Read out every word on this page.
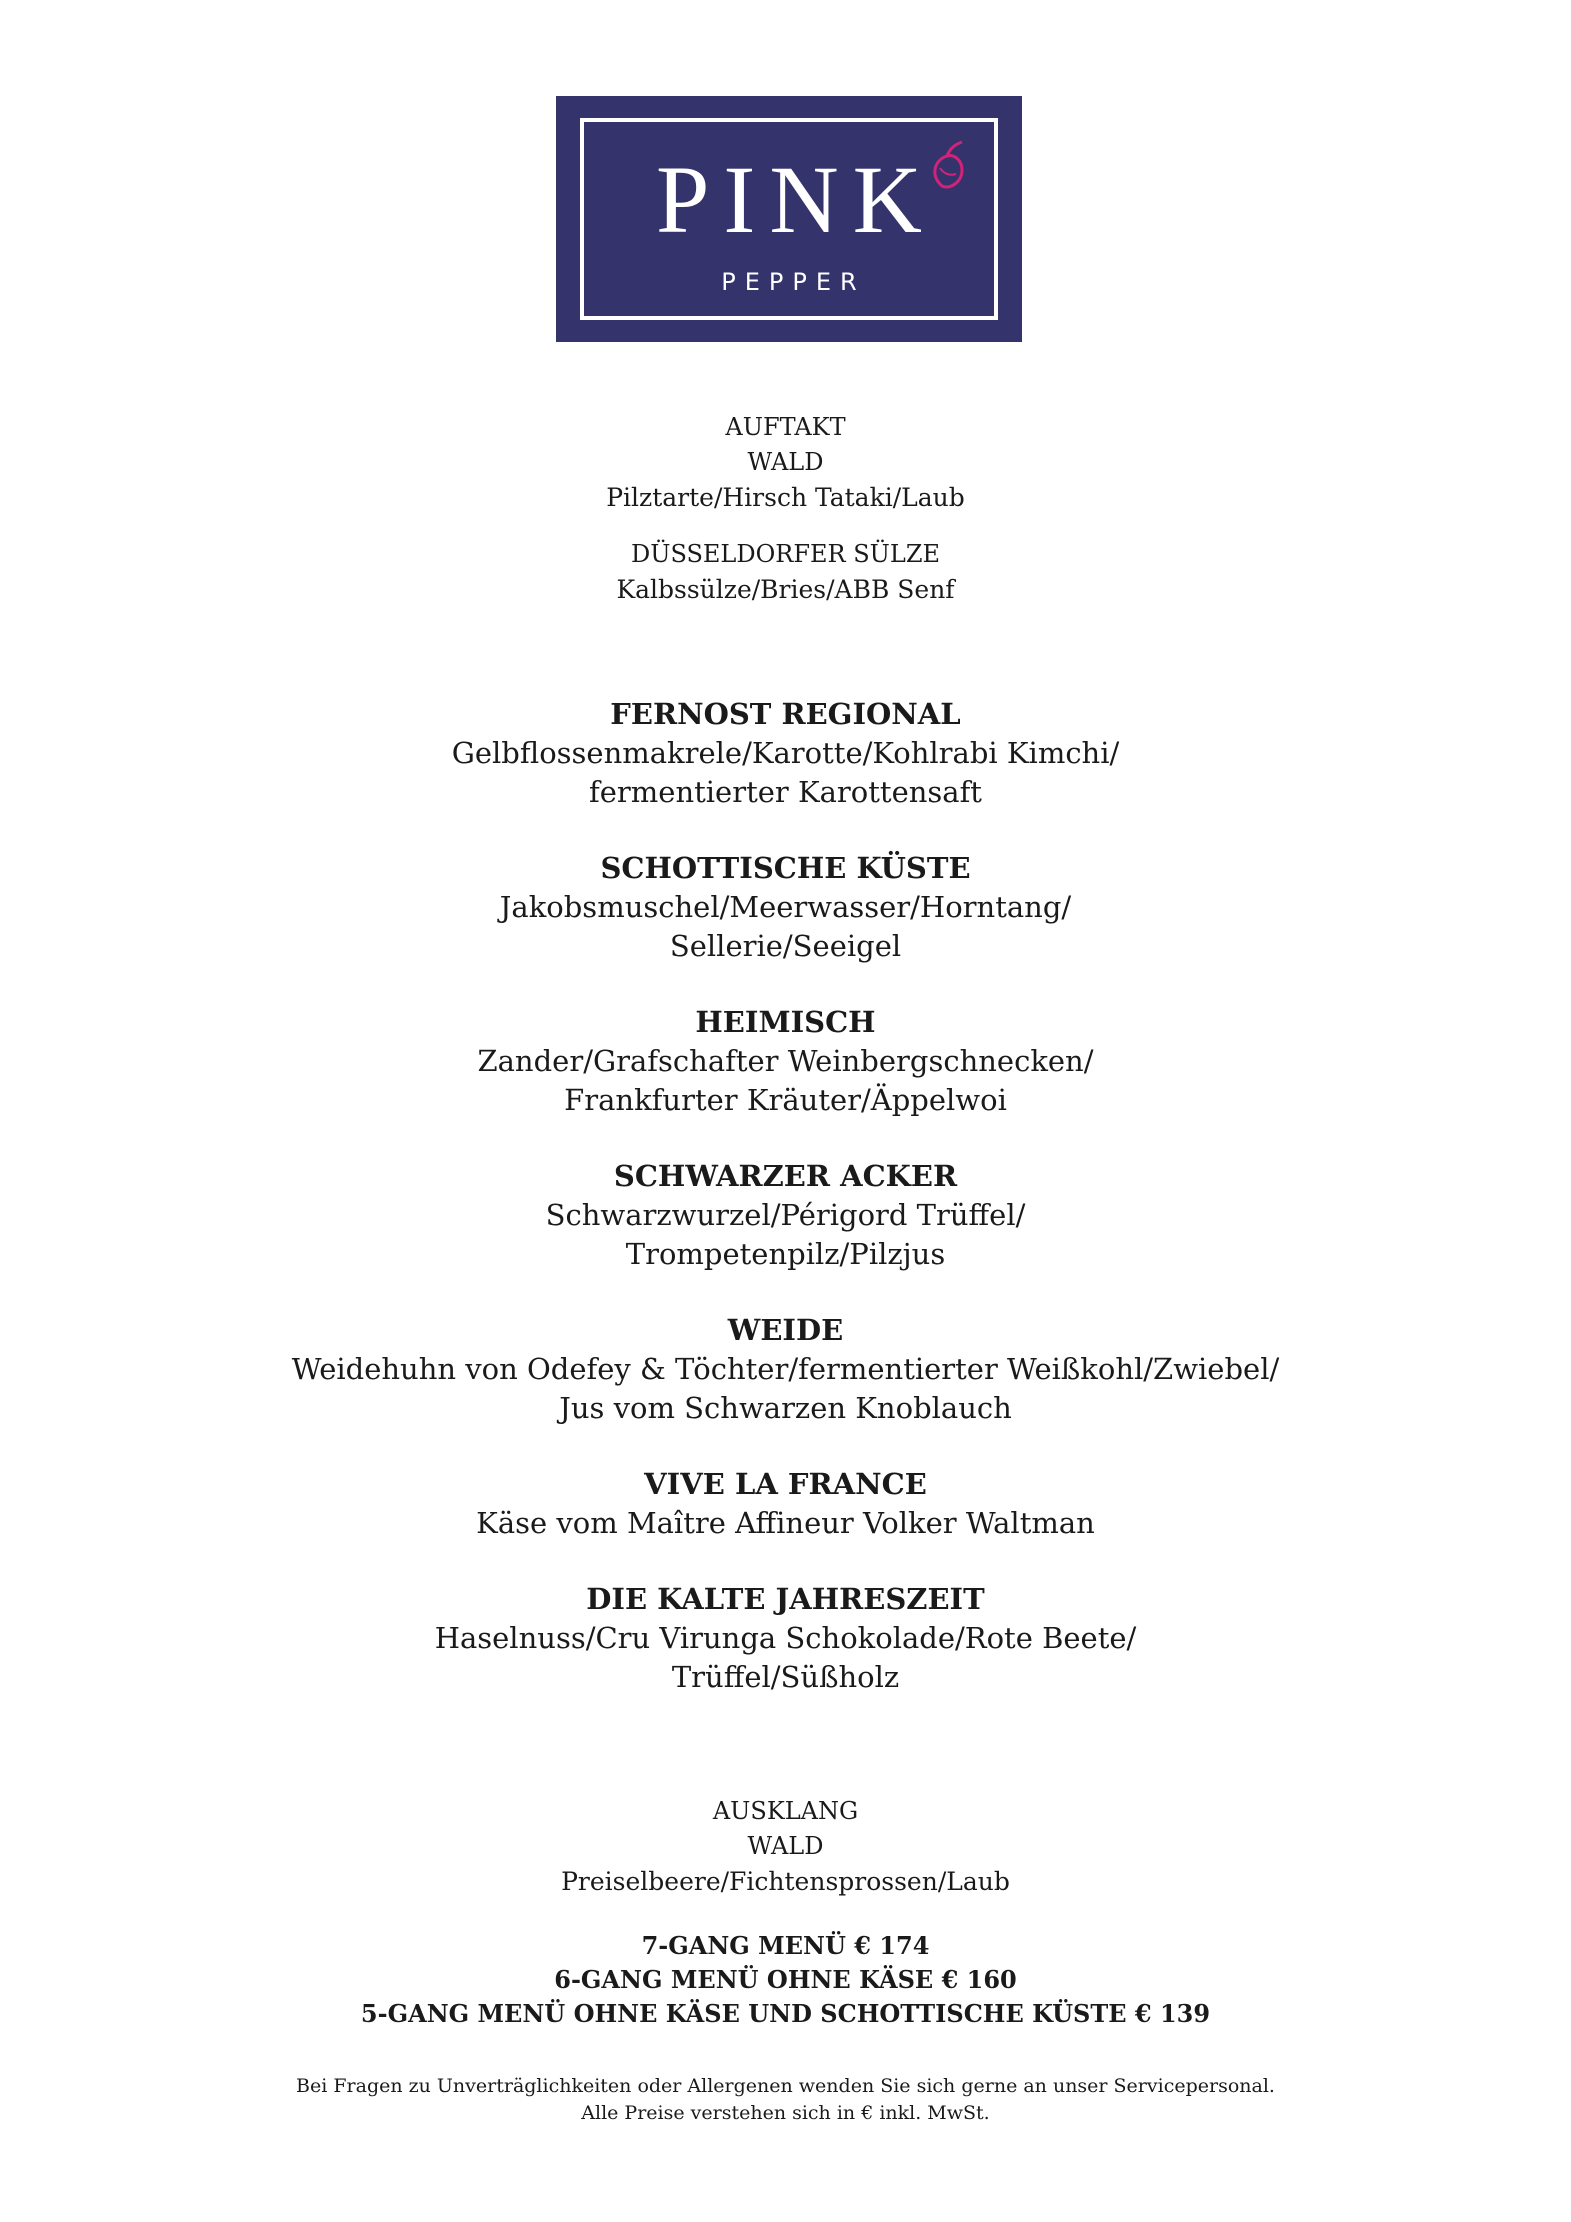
PINK
PEPPER
AUFTAKT
WALD
Pilztarte/Hirsch Tataki/Laub
DÜSSELDORFER SÜLZE
Kalbssülze/Bries/ABB Senf
FERNOST REGIONAL
Gelbflossenmakrele/Karotte/Kohlrabi Kimchi/
fermentierter Karottensaft
SCHOTTISCHE KÜSTE
Jakobsmuschel/Meerwasser/Horntang/
Sellerie/Seeigel
HEIMISCH
Zander/Grafschafter Weinbergschnecken/
Frankfurter Kräuter/Äppelwoi
SCHWARZER ACKER
Schwarzwurzel/Périgord Trüffel/
Trompetenpilz/Pilzjus
WEIDE
Weidehuhn von Odefey & Töchter/fermentierter Weißkohl/Zwiebel/
Jus vom Schwarzen Knoblauch
VIVE LA FRANCE
Käse vom Maître Affineur Volker Waltman
DIE KALTE JAHRESZEIT
Haselnuss/Cru Virunga Schokolade/Rote Beete/
Trüffel/Süßholz
AUSKLANG
WALD
Preiselbeere/Fichtensprossen/Laub
7-GANG MENÜ € 174
6-GANG MENÜ OHNE KÄSE € 160
5-GANG MENÜ OHNE KÄSE UND SCHOTTISCHE KÜSTE € 139
Bei Fragen zu Unverträglichkeiten oder Allergenen wenden Sie sich gerne an unser Servicepersonal.
Alle Preise verstehen sich in € inkl. MwSt.
